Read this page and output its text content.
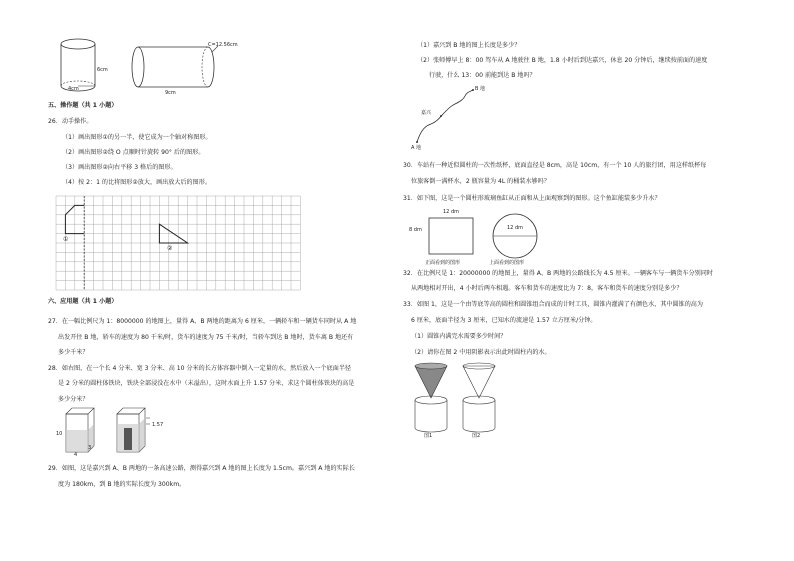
6cm
4cm
C=12.56cm
9cm
五、操作题（共 1 小题）
26．动手操作。
（1）画出图形①的另一半，使它成为一个轴对称图形。
（2）画出图形②绕 O 点顺时针旋转 90° 后的图形。
（3）画出图形②向右平移 3 格后的图形。
（4）按 2：1 的比将图形②放大，画出放大后的图形。
①
②
六、应用题（共 1 小题）
27．在一幅比例尺为 1：8000000 的地图上，量得 A、B 两地的距离为 6 厘米，一辆轿车和一辆货车同时从 A 地
出发开往 B 地，轿车的速度为 80 千米/时，货车的速度为 75 千米/时，当轿车到达 B 地时，货车离 B 地还有
多少千米？
28．如右图，在一个长 4 分米、宽 3 分米、高 10 分米的长方体容器中倒入一定量的水，然后放入一个底面半径
是 2 分米的圆柱体铁块，铁块全部浸没在水中（未溢出），这时水面上升 1.57 分米，求这个圆柱体铁块的高是
多少分米？
10
4
3
1.57
29．如图，这是嘉兴到 A、B 两地的一条高速公路，测得嘉兴到 A 地的图上长度为 1.5cm。嘉兴到 A 地的实际长
度为 180km，到 B 地的实际长度为 300km。
（1）嘉兴到 B 地的图上长度是多少？
（2）张师傅早上 8：00 驾车从 A 地驶往 B 地，1.8 小时后到达嘉兴，休息 20 分钟后，继续按前面的速度
行驶，什么 13：00 前能到达 B 地吗？
B 地
嘉兴
A 地
30．车站有一种近似圆柱的一次性纸杯，底面直径是 8cm，高是 10cm，有一个 10 人的旅行团，用这样纸杯每
位旅客倒一满杯水，2 瓶容量为 4L 的桶装水够吗？
31．如下图，这是一个圆柱形玻璃鱼缸从正面和从上面观察到的图形。这个鱼缸能装多少升水？
12 dm
8 dm	12 dm
正面看到的图形	上面看到的图形
32．在比例尺是 1：20000000 的地图上，量得 A、B 两地的公路线长为 4.5 厘米。一辆客车与一辆货车分别同时
从两地相对开出，4 小时后两车相遇。客车和货车的速度比为 7：8，客车和货车的速度分别是多少？
33．如图 1，这是一个由等底等高的圆柱和圆锥组合而成的计时工具，圆锥内灌满了有颜色水，其中圆锥的高为
6 厘米，底面半径为 3 厘米，已知水的流速是 1.57 立方厘米/分钟。
（1）圆锥内满完水需要多少时间？
（2）请你在图 2 中用阴影表示出此时圆柱内的水。
图1	图2
